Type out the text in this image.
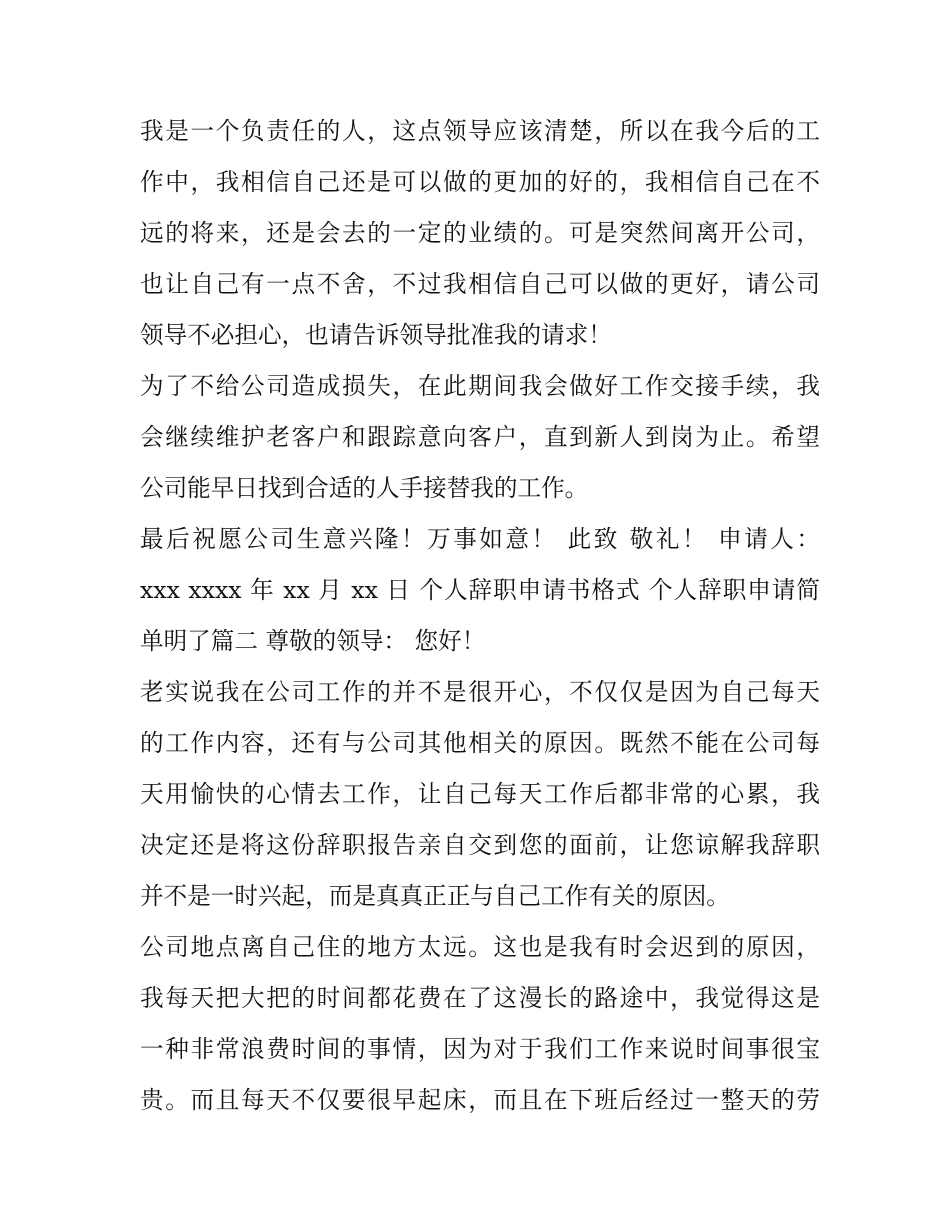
我是一个负责任的人，这点领导应该清楚，所以在我今后的工
作中，我相信自己还是可以做的更加的好的，我相信自己在不
远的将来，还是会去的一定的业绩的。可是突然间离开公司，
也让自己有一点不舍，不过我相信自己可以做的更好，请公司
领导不必担心，也请告诉领导批准我的请求！
为了不给公司造成损失，在此期间我会做好工作交接手续，我
会继续维护老客户和跟踪意向客户，直到新人到岗为止。希望
公司能早日找到合适的人手接替我的工作。
最后祝愿公司生意兴隆！万事如意！ 此致 敬礼！ 申请人：
xxx xxxx 年 xx 月 xx 日 个人辞职申请书格式 个人辞职申请简
单明了篇二 尊敬的领导： 您好！
老实说我在公司工作的并不是很开心，不仅仅是因为自己每天
的工作内容，还有与公司其他相关的原因。既然不能在公司每
天用愉快的心情去工作，让自己每天工作后都非常的心累，我
决定还是将这份辞职报告亲自交到您的面前，让您谅解我辞职
并不是一时兴起，而是真真正正与自己工作有关的原因。
公司地点离自己住的地方太远。这也是我有时会迟到的原因，
我每天把大把的时间都花费在了这漫长的路途中，我觉得这是
一种非常浪费时间的事情，因为对于我们工作来说时间事很宝
贵。而且每天不仅要很早起床，而且在下班后经过一整天的劳
